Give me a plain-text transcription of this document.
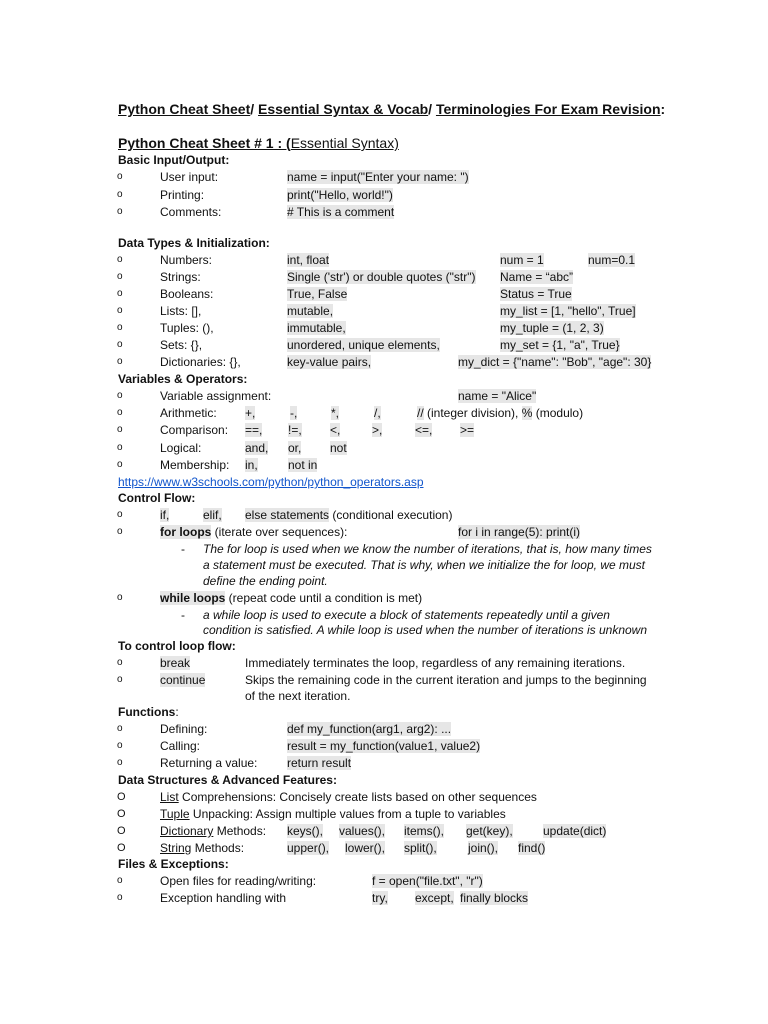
Python Cheat Sheet/ Essential Syntax & Vocab/ Terminologies For Exam Revision:
Python Cheat Sheet # 1 : (Essential Syntax)
Basic Input/Output:
o	User input:	name = input("Enter your name: ")
o	Printing:	print("Hello, world!")
o	Comments:	# This is a comment
Data Types & Initialization:
o	Numbers:	int, float	num = 1	num=0.1
o	Strings:	Single ('str') or double quotes ("str") Name = “abc”
o	Booleans:	True, False	Status = True
o	Lists: [],	mutable,	my_list = [1, "hello", True]
o	Tuples: (),	immutable,	my_tuple = (1, 2, 3)
o	Sets: {},	unordered, unique elements,	my_set = {1, "a", True}
o	Dictionaries: {},	key-value pairs,	my_dict = {"name": "Bob", "age": 30}
Variables & Operators:
o	Variable assignment:	name = "Alice"
o	Arithmetic: +,	-,	*,	/,	// (integer division), % (modulo)
o	Comparison: ==, !=, <,	>,	<=, >=
o	Logical:	and, or, not
o	Membership: in,	not in
https://www.w3schools.com/python/python_operators.asp
Control Flow:
o	if,	elif, else statements (conditional execution)
o	for loops (iterate over sequences):	for i in range(5): print(i)
- The for loop is used when we know the number of iterations, that is, how many times
a statement must be executed. That is why, when we initialize the for loop, we must
define the ending point.
o	while loops (repeat code until a condition is met)
- a while loop is used to execute a block of statements repeatedly until a given
condition is satisfied. A while loop is used when the number of iterations is unknown
To control loop flow:
o	break	Immediately terminates the loop, regardless of any remaining iterations.
o	continue	Skips the remaining code in the current iteration and jumps to the beginning
of the next iteration.
Functions:
o	Defining:	def my_function(arg1, arg2): ...
o	Calling:	result = my_function(value1, value2)
o	Returning a value: return result
Data Structures & Advanced Features:
O	List Comprehensions: Concisely create lists based on other sequences
O	Tuple Unpacking: Assign multiple values from a tuple to variables
O	Dictionary Methods: keys(), values(), items(), get(key),	update(dict)
O	String Methods:	upper(), lower(), split(),	join(), find()
Files & Exceptions:
o	Open files for reading/writing:	f = open("file.txt", "r")
o	Exception handling with	try, except, finally blocks
